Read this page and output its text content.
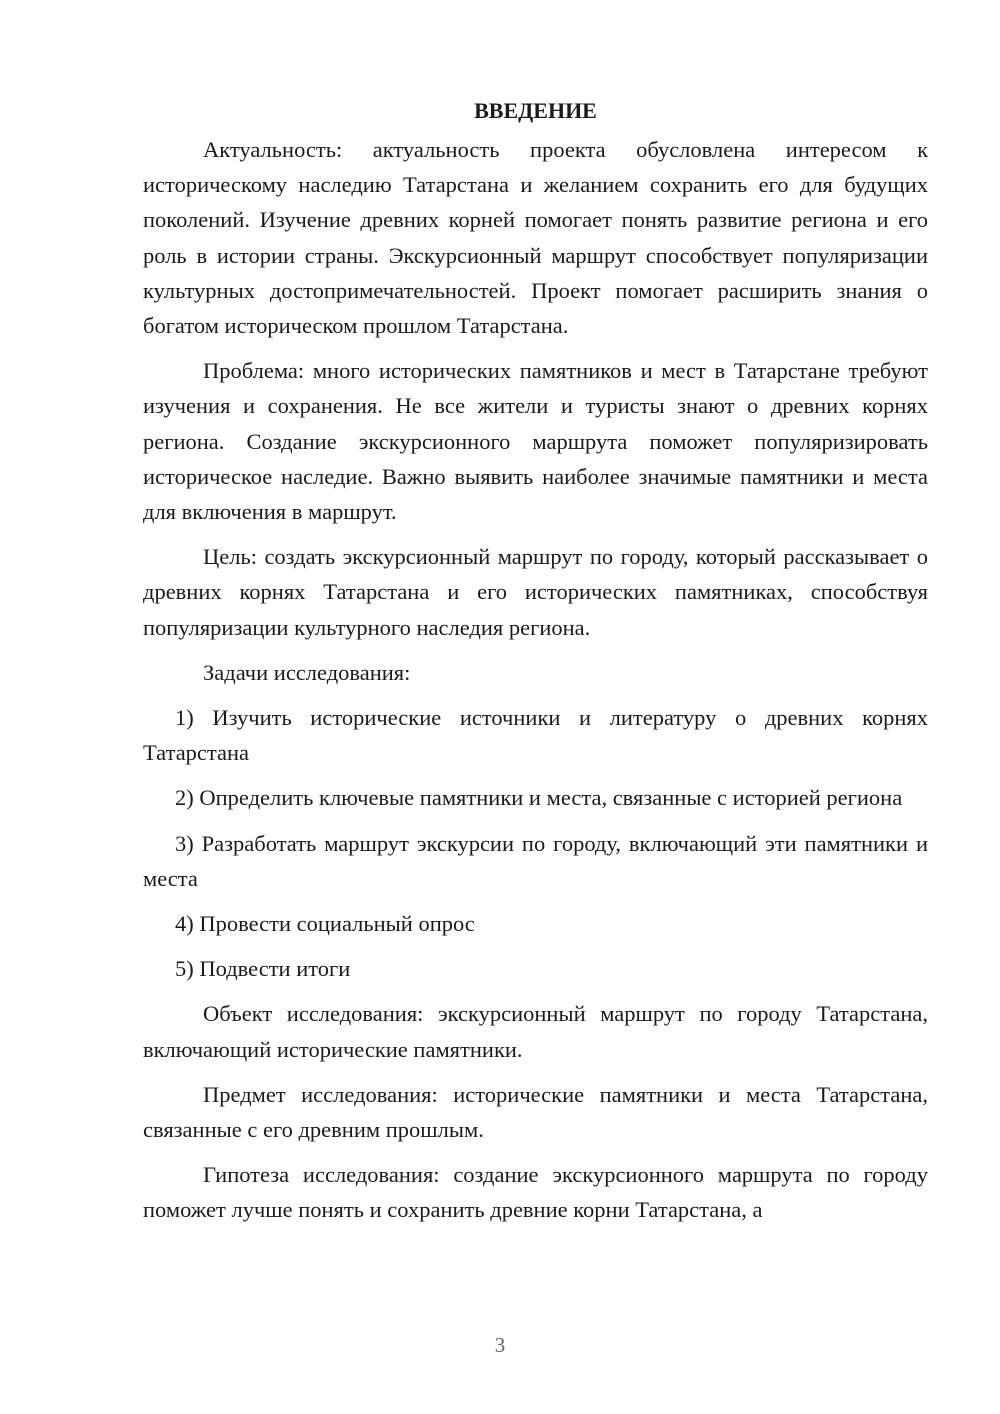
ВВЕДЕНИЕ

Актуальность: актуальность проекта обусловлена интересом к историческому наследию Татарстана и желанием сохранить его для будущих поколений. Изучение древних корней помогает понять развитие региона и его роль в истории страны. Экскурсионный маршрут способствует популяризации культурных достопримечательностей. Проект помогает расширить знания о богатом историческом прошлом Татарстана.

Проблема: много исторических памятников и мест в Татарстане требуют изучения и сохранения. Не все жители и туристы знают о древних корнях региона. Создание экскурсионного маршрута поможет популяризировать историческое наследие. Важно выявить наиболее значимые памятники и места для включения в маршрут.

Цель: создать экскурсионный маршрут по городу, который рассказывает о древних корнях Татарстана и его исторических памятниках, способствуя популяризации культурного наследия региона.

Задачи исследования:

1) Изучить исторические источники и литературу о древних корнях Татарстана

2) Определить ключевые памятники и места, связанные с историей региона

3) Разработать маршрут экскурсии по городу, включающий эти памятники и места

4) Провести социальный опрос

5) Подвести итоги

Объект исследования: экскурсионный маршрут по городу Татарстана, включающий исторические памятники.

Предмет исследования: исторические памятники и места Татарстана, связанные с его древним прошлым.

Гипотеза исследования: создание экскурсионного маршрута по городу поможет лучше понять и сохранить древние корни Татарстана, а

3
